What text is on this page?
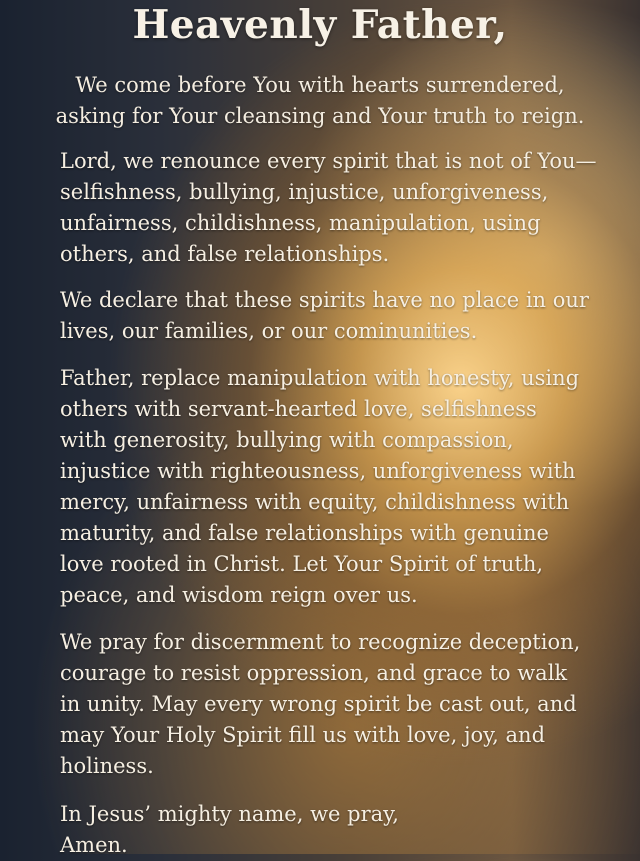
Heavenly Father,
We come before You with hearts surrendered,
asking for Your cleansing and Your truth to reign.
Lord, we renounce every spirit that is not of You—
selfishness, bullying, injustice, unforgiveness,
unfairness, childishness, manipulation, using
others, and false relationships.
We declare that these spirits have no place in our
lives, our families, or our cominunities.
Father, replace manipulation with honesty, using
others with servant-hearted love, selfishness
with generosity, bullying with compassion,
injustice with righteousness, unforgiveness with
mercy, unfairness with equity, childishness with
maturity, and false relationships with genuine
love rooted in Christ. Let Your Spirit of truth,
peace, and wisdom reign over us.
We pray for discernment to recognize deception,
courage to resist oppression, and grace to walk
in unity. May every wrong spirit be cast out, and
may Your Holy Spirit fill us with love, joy, and
holiness.
In Jesus’ mighty name, we pray,
Amen.
